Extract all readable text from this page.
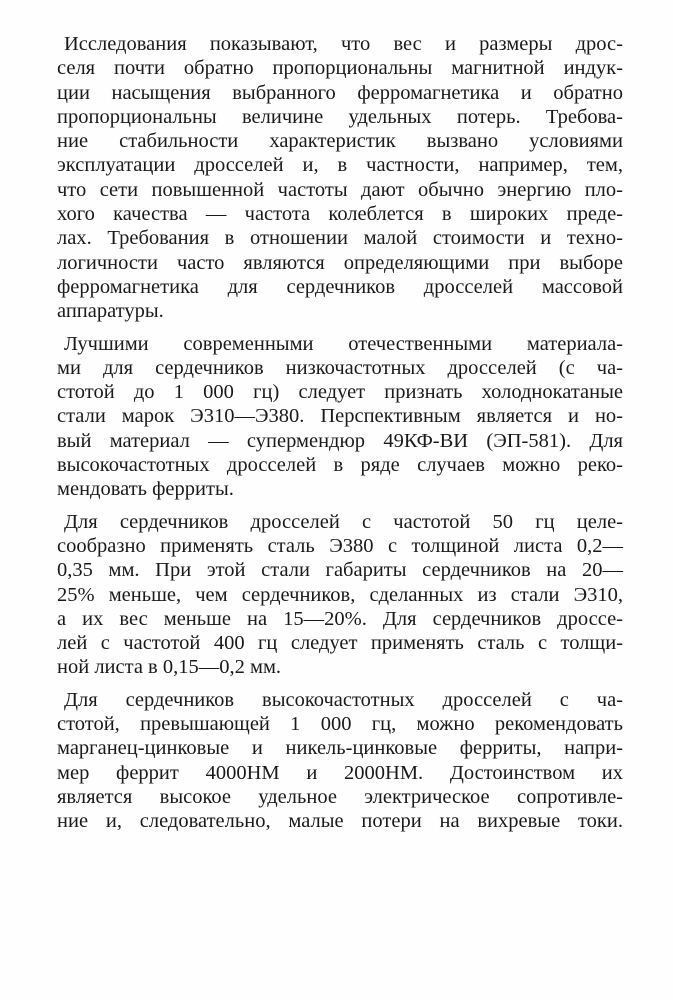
Исследования показывают, что вес и размеры дрос-
селя почти обратно пропорциональны магнитной индук-
ции насыщения выбранного ферромагнетика и обратно
пропорциональны величине удельных потерь. Требова-
ние стабильности характеристик вызвано условиями
эксплуатации дросселей и, в частности, например, тем,
что сети повышенной частоты дают обычно энергию пло-
хого качества — частота колеблется в широких преде-
лах. Требования в отношении малой стоимости и техно-
логичности часто являются определяющими при выборе
ферромагнетика для сердечников дросселей массовой
аппаратуры.
Лучшими современными отечественными материала-
ми для сердечников низкочастотных дросселей (с ча-
стотой до 1 000 гц) следует признать холоднокатаные
стали марок Э310—Э380. Перспективным является и но-
вый материал — супермендюр 49КФ-ВИ (ЭП-581). Для
высокочастотных дросселей в ряде случаев можно реко-
мендовать ферриты.
Для сердечников дросселей с частотой 50 гц целе-
сообразно применять сталь Э380 с толщиной листа 0,2—
0,35 мм. При этой стали габариты сердечников на 20—
25% меньше, чем сердечников, сделанных из стали Э310,
а их вес меньше на 15—20%. Для сердечников дроссе-
лей с частотой 400 гц следует применять сталь с толщи-
ной листа в 0,15—0,2 мм.
Для сердечников высокочастотных дросселей с ча-
стотой, превышающей 1 000 гц, можно рекомендовать
марганец-цинковые и никель-цинковые ферриты, напри-
мер феррит 4000НМ и 2000НМ. Достоинством их
является высокое удельное электрическое сопротивле-
ние и, следовательно, малые потери на вихревые токи.
